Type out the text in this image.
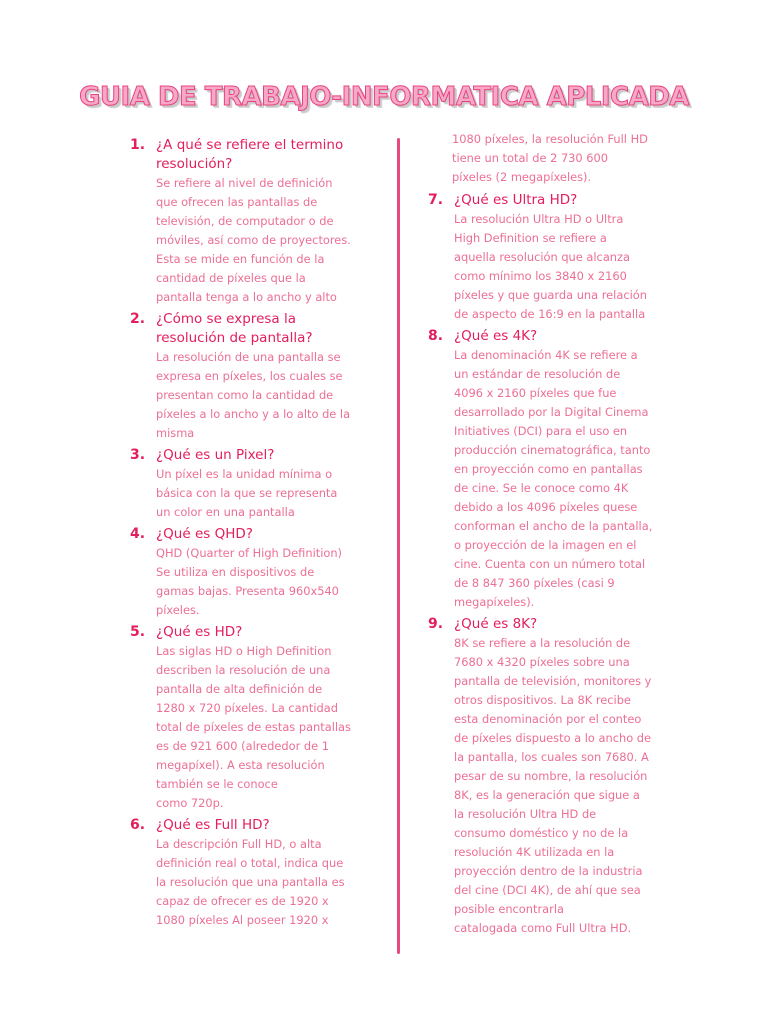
GUIA DE TRABAJO-INFORMATICA APLICADA
1. ¿A qué se refiere el termino
resolución?
Se refiere al nivel de definición
que ofrecen las pantallas de
televisión, de computador o de
móviles, así como de proyectores.
Esta se mide en función de la
cantidad de píxeles que la
pantalla tenga a lo ancho y alto
2. ¿Cómo se expresa la
resolución de pantalla?
La resolución de una pantalla se
expresa en píxeles, los cuales se
presentan como la cantidad de
píxeles a lo ancho y a lo alto de la
misma
3. ¿Qué es un Pixel?
Un píxel es la unidad mínima o
básica con la que se representa
un color en una pantalla
4. ¿Qué es QHD?
QHD (Quarter of High Definition)
Se utiliza en dispositivos de
gamas bajas. Presenta 960x540
píxeles.
5. ¿Qué es HD?
Las siglas HD o High Definition
describen la resolución de una
pantalla de alta definición de
1280 x 720 píxeles. La cantidad
total de píxeles de estas pantallas
es de 921 600 (alrededor de 1
megapíxel). A esta resolución
también se le conoce
como 720p.
6. ¿Qué es Full HD?
La descripción Full HD, o alta
definición real o total, indica que
la resolución que una pantalla es
capaz de ofrecer es de 1920 x
1080 píxeles Al poseer 1920 x
1080 píxeles, la resolución Full HD
tiene un total de 2 730 600
píxeles (2 megapíxeles).
7. ¿Qué es Ultra HD?
La resolución Ultra HD o Ultra
High Definition se refiere a
aquella resolución que alcanza
como mínimo los 3840 x 2160
píxeles y que guarda una relación
de aspecto de 16:9 en la pantalla
8. ¿Qué es 4K?
La denominación 4K se refiere a
un estándar de resolución de
4096 x 2160 píxeles que fue
desarrollado por la Digital Cinema
Initiatives (DCI) para el uso en
producción cinematográfica, tanto
en proyección como en pantallas
de cine. Se le conoce como 4K
debido a los 4096 píxeles quese
conforman el ancho de la pantalla,
o proyección de la imagen en el
cine. Cuenta con un número total
de 8 847 360 píxeles (casi 9
megapíxeles).
9. ¿Qué es 8K?
8K se refiere a la resolución de
7680 x 4320 píxeles sobre una
pantalla de televisión, monitores y
otros dispositivos. La 8K recibe
esta denominación por el conteo
de píxeles dispuesto a lo ancho de
la pantalla, los cuales son 7680. A
pesar de su nombre, la resolución
8K, es la generación que sigue a
la resolución Ultra HD de
consumo doméstico y no de la
resolución 4K utilizada en la
proyección dentro de la industria
del cine (DCI 4K), de ahí que sea
posible encontrarla
catalogada como Full Ultra HD.
